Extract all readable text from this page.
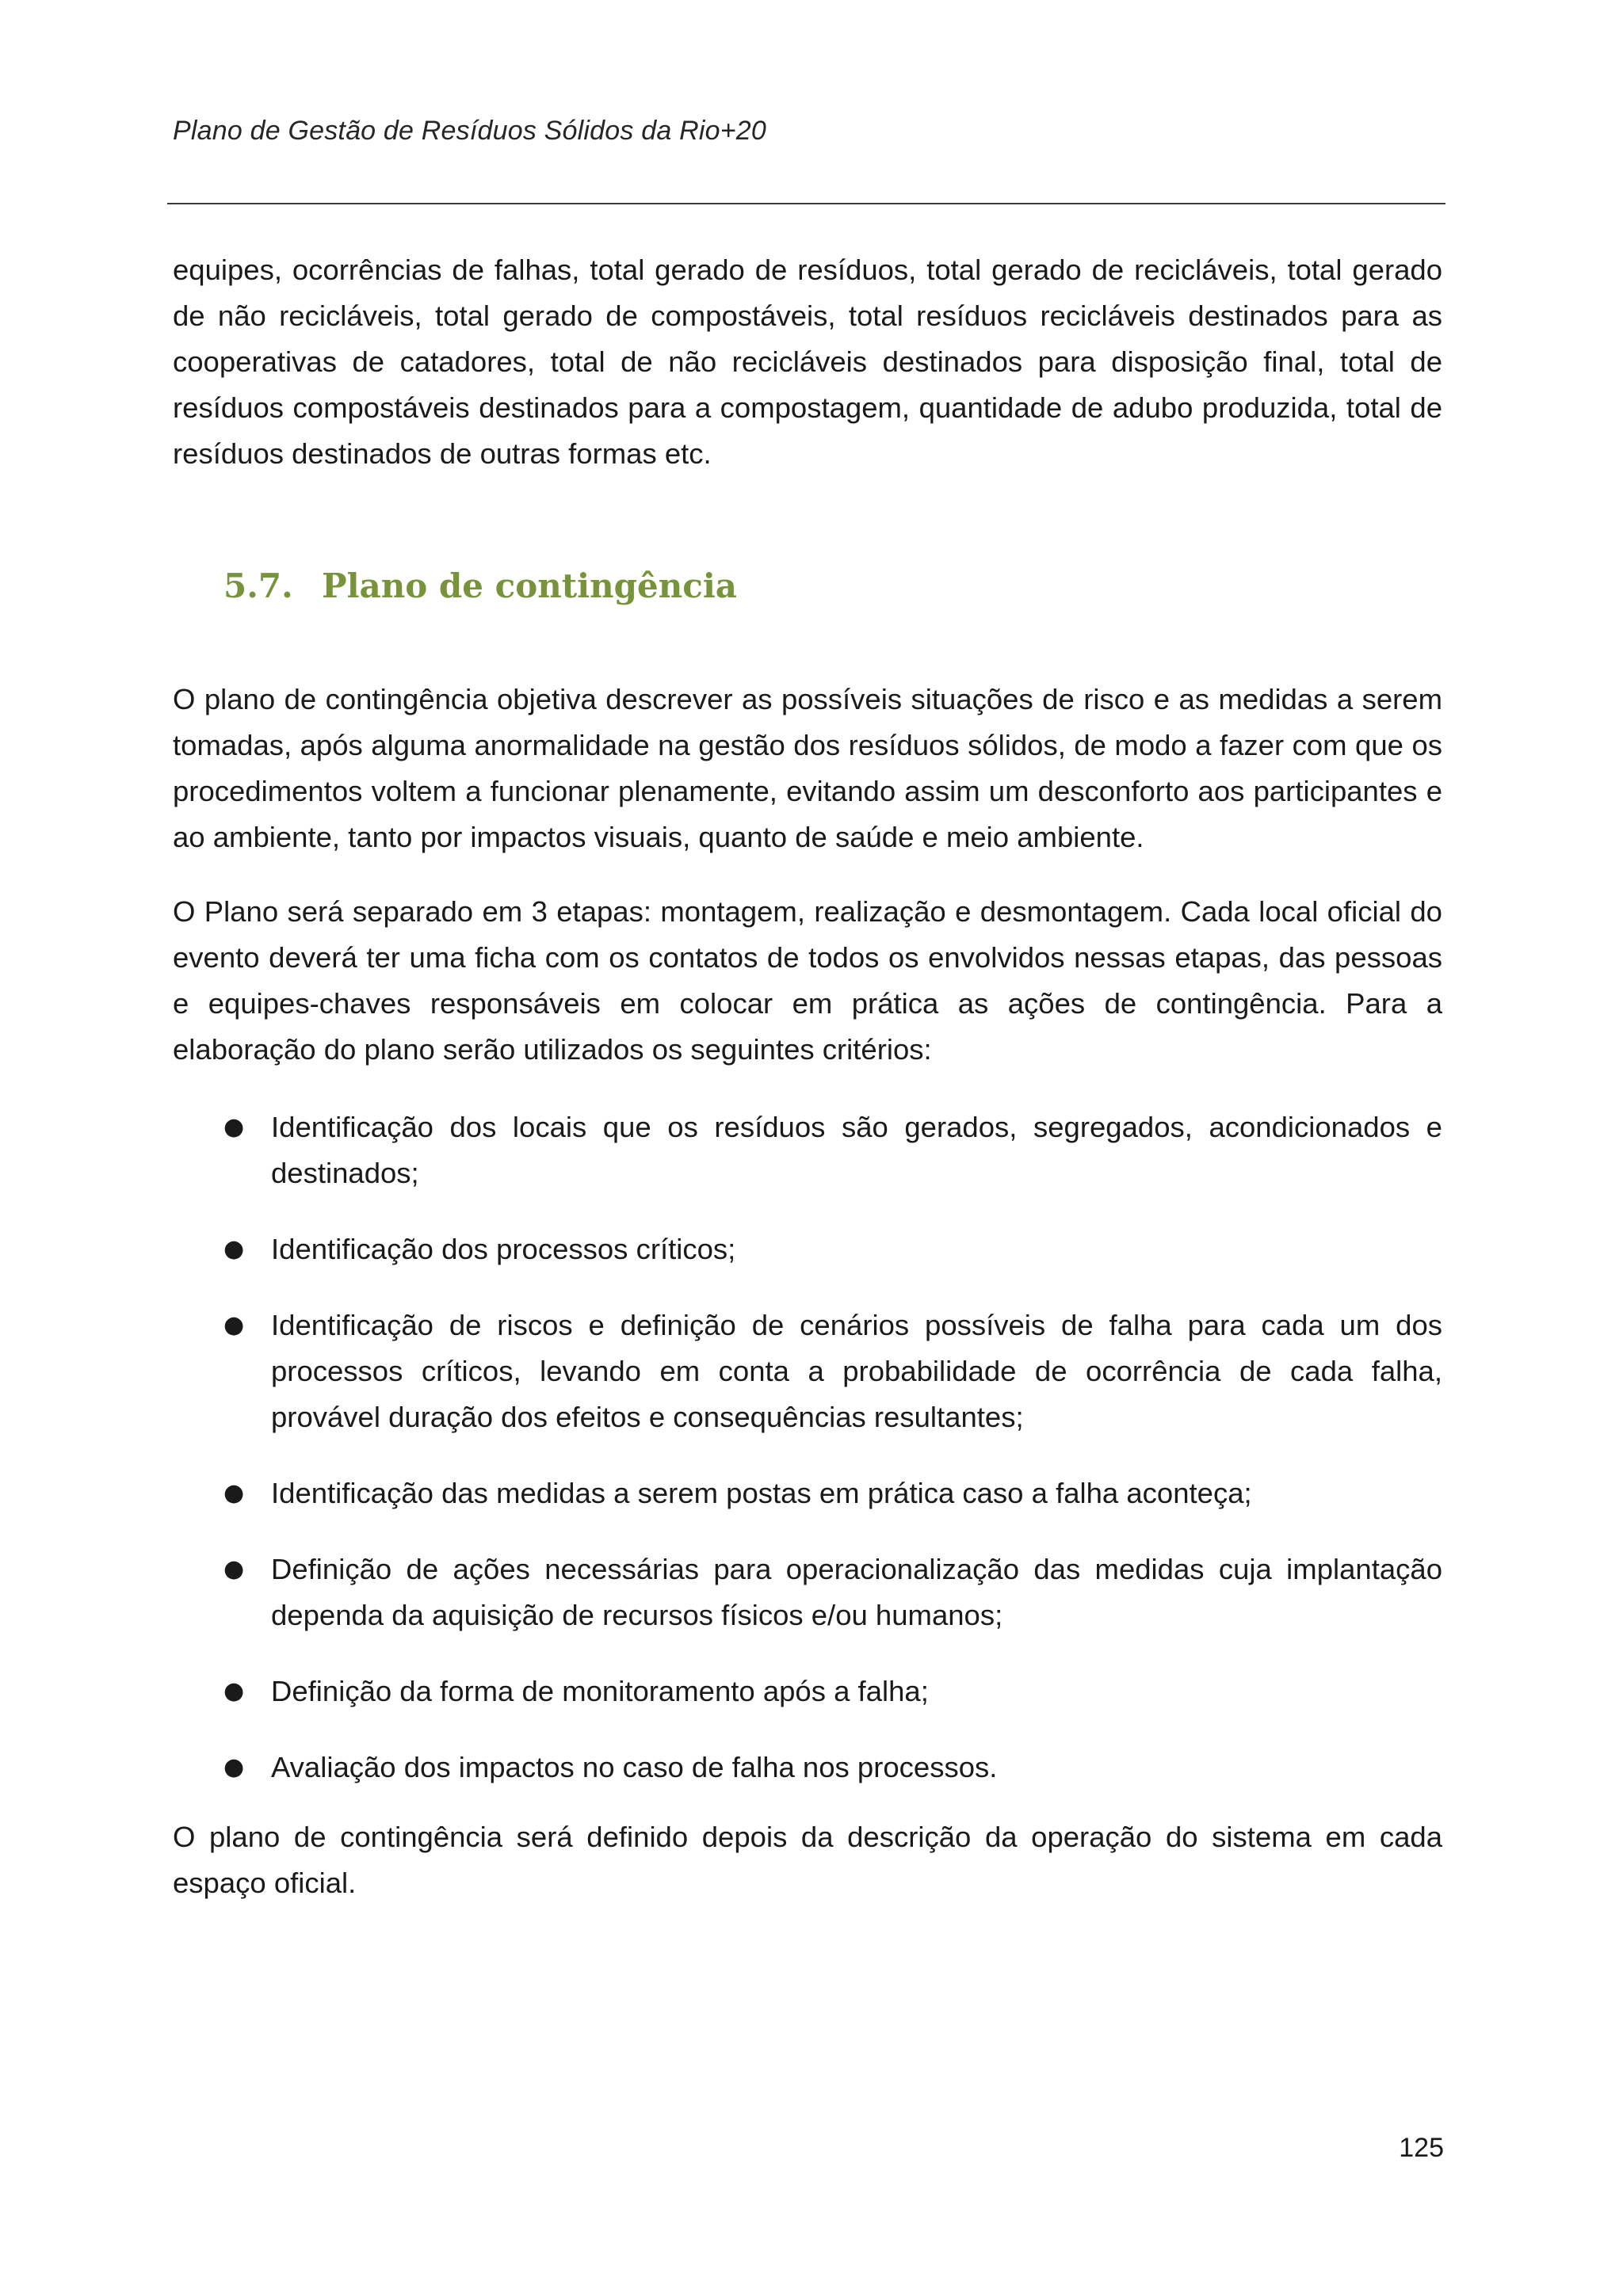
Plano de Gestão de Resíduos Sólidos da Rio+20

equipes, ocorrências de falhas, total gerado de resíduos, total gerado de recicláveis, total gerado de não recicláveis, total gerado de compostáveis, total resíduos recicláveis destinados para as cooperativas de catadores, total de não recicláveis destinados para disposição final, total de resíduos compostáveis destinados para a compostagem, quantidade de adubo produzida, total de resíduos destinados de outras formas etc.

5.7. Plano de contingência

O plano de contingência objetiva descrever as possíveis situações de risco e as medidas a serem tomadas, após alguma anormalidade na gestão dos resíduos sólidos, de modo a fazer com que os procedimentos voltem a funcionar plenamente, evitando assim um desconforto aos participantes e ao ambiente, tanto por impactos visuais, quanto de saúde e meio ambiente.

O Plano será separado em 3 etapas: montagem, realização e desmontagem. Cada local oficial do evento deverá ter uma ficha com os contatos de todos os envolvidos nessas etapas, das pessoas e equipes-chaves responsáveis em colocar em prática as ações de contingência. Para a elaboração do plano serão utilizados os seguintes critérios:

● Identificação dos locais que os resíduos são gerados, segregados, acondicionados e destinados;
● Identificação dos processos críticos;
● Identificação de riscos e definição de cenários possíveis de falha para cada um dos processos críticos, levando em conta a probabilidade de ocorrência de cada falha, provável duração dos efeitos e consequências resultantes;
● Identificação das medidas a serem postas em prática caso a falha aconteça;
● Definição de ações necessárias para operacionalização das medidas cuja implantação dependa da aquisição de recursos físicos e/ou humanos;
● Definição da forma de monitoramento após a falha;
● Avaliação dos impactos no caso de falha nos processos.

O plano de contingência será definido depois da descrição da operação do sistema em cada espaço oficial.

125
